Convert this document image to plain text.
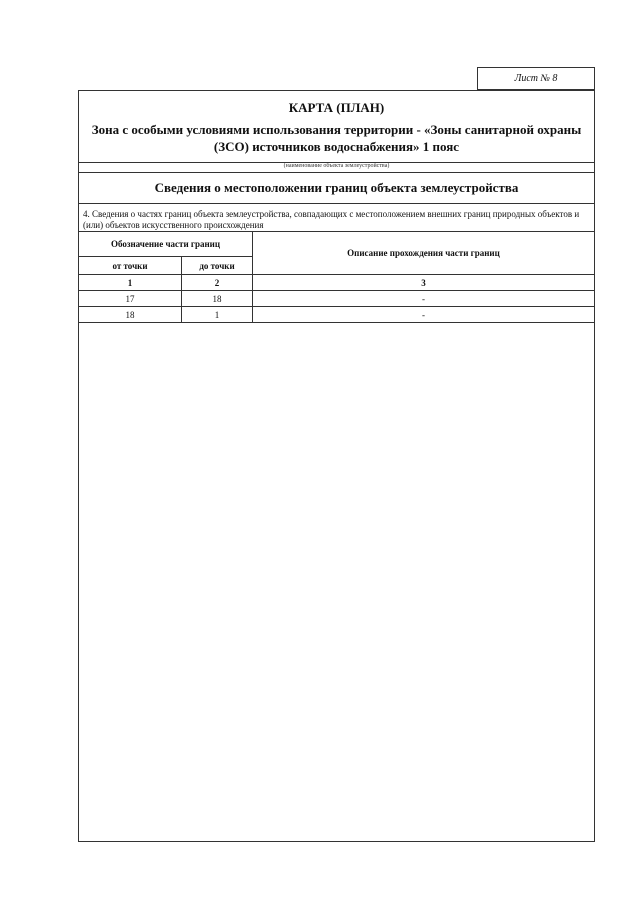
Лист № 8
КАРТА (ПЛАН)
Зона с особыми условиями использования территории - «Зоны санитарной охраны (ЗСО) источников водоснабжения» 1 пояс
(наименование объекта землеустройства)
Сведения о местоположении границ объекта землеустройства
4. Сведения о частях границ объекта землеустройства, совпадающих с местоположением внешних границ природных объектов и (или) объектов искусственного происхождения
Обозначение части границ		Описание прохождения части границ
от точки	до точки	
1	2	3
17	18	-
18	1	-
